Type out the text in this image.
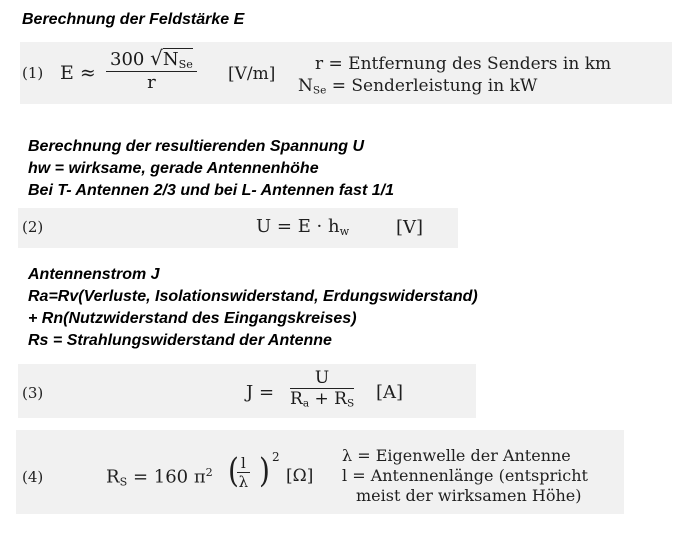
Berechnung der Feldstärke E
(1) E ≈
300 $√N_{Se}$
r	[V/m] r = Entfernung des Senders in km
$N_{Se}$ = Senderleistung in kW
Berechnung der resultierenden Spannung U
hw = wirksame, gerade Antennenhöhe
Bei T- Antennen 2/3 und bei L- Antennen fast 1/1
(2)	$U = E \cdot h_w$	[V]
Antennenstrom J
Ra=Rv(Verluste, Isolationswiderstand, Erdungswiderstand)
+ Rn(Nutzwiderstand des Eingangskreises)
Rs = Strahlungswiderstand der Antenne
(3)	$J = \frac{U}{R_a + R_S} [A]$
(4)	$R_S = 160$ $\pi^2$ (
$\frac{l}{\lambda}$ ) 2
[Ω]
λ = Eigenwelle der Antenne
l = Antennenlänge (entspricht
meist der wirksamen Höhe)
